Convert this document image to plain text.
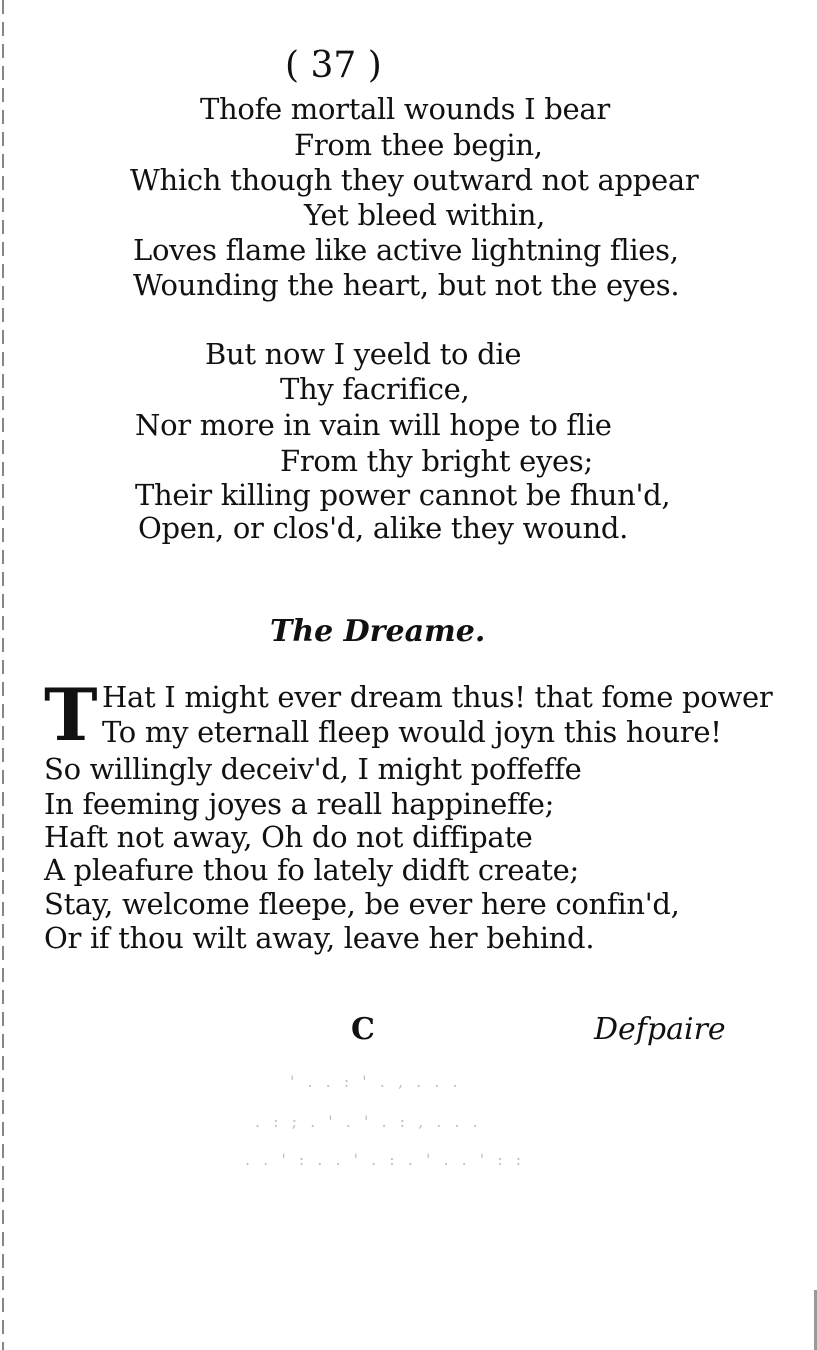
( 37 )
Thofe mortall wounds I bear
From thee begin,
Which though they outward not appear
Yet bleed within,
Loves flame like active lightning flies,
Wounding the heart, but not the eyes.
But now I yeeld to die
Thy facrifice,
Nor more in vain will hope to flie
From thy bright eyes;
Their killing power cannot be fhun'd,
Open, or clos'd, alike they wound.
The Dreame.
T Hat I might ever dream thus! that fome power
To my eternall fleep would joyn this houre!
So willingly deceiv'd, I might poffeffe
In feeming joyes a reall happineffe;
Haft not away, Oh do not diffipate
A pleafure thou fo lately didft create;
Stay, welcome fleepe, be ever here confin'd,
Or if thou wilt away, leave her behind.
C	Defpaire
' . . : ' . , . . .
. : ; . ' . ' . : , . . .
. . ' : . . ' . : . ' . . ' : :
